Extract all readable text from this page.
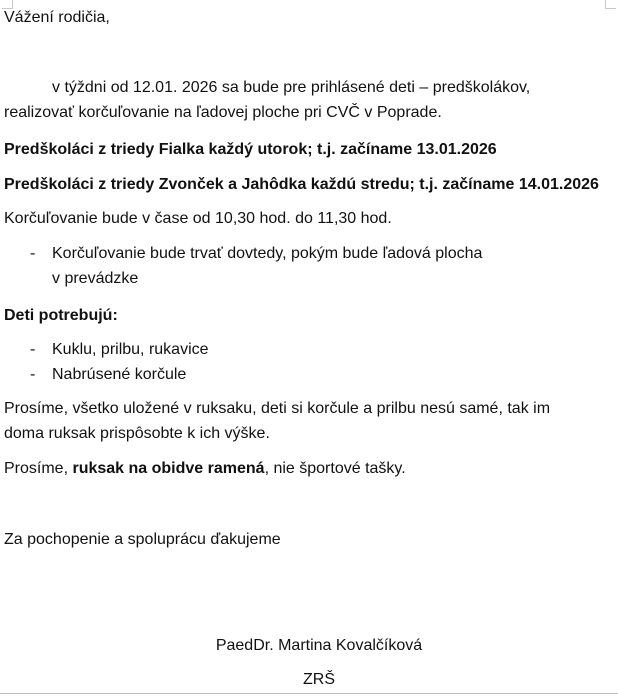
Vážení rodičia,
v týždni od 12.01. 2026 sa bude pre prihlásené deti – predškolákov,
realizovať korčuľovanie na ľadovej ploche pri CVČ v Poprade.
Predškoláci z triedy Fialka každý utorok; t.j. začíname 13.01.2026
Predškoláci z triedy Zvonček a Jahôdka každú stredu; t.j. začíname 14.01.2026
Korčuľovanie bude v čase od 10,30 hod. do 11,30 hod.
- Korčuľovanie bude trvať dovtedy, pokým bude ľadová plocha
v prevádzke
Deti potrebujú:
- Kuklu, prilbu, rukavice
- Nabrúsené korčule
Prosíme, všetko uložené v ruksaku, deti si korčule a prilbu nesú samé, tak im
doma ruksak prispôsobte k ich výške.
Prosíme, ruksak na obidve ramená, nie športové tašky.
Za pochopenie a spoluprácu ďakujeme
PaedDr. Martina Kovalčíková
ZRŠ
